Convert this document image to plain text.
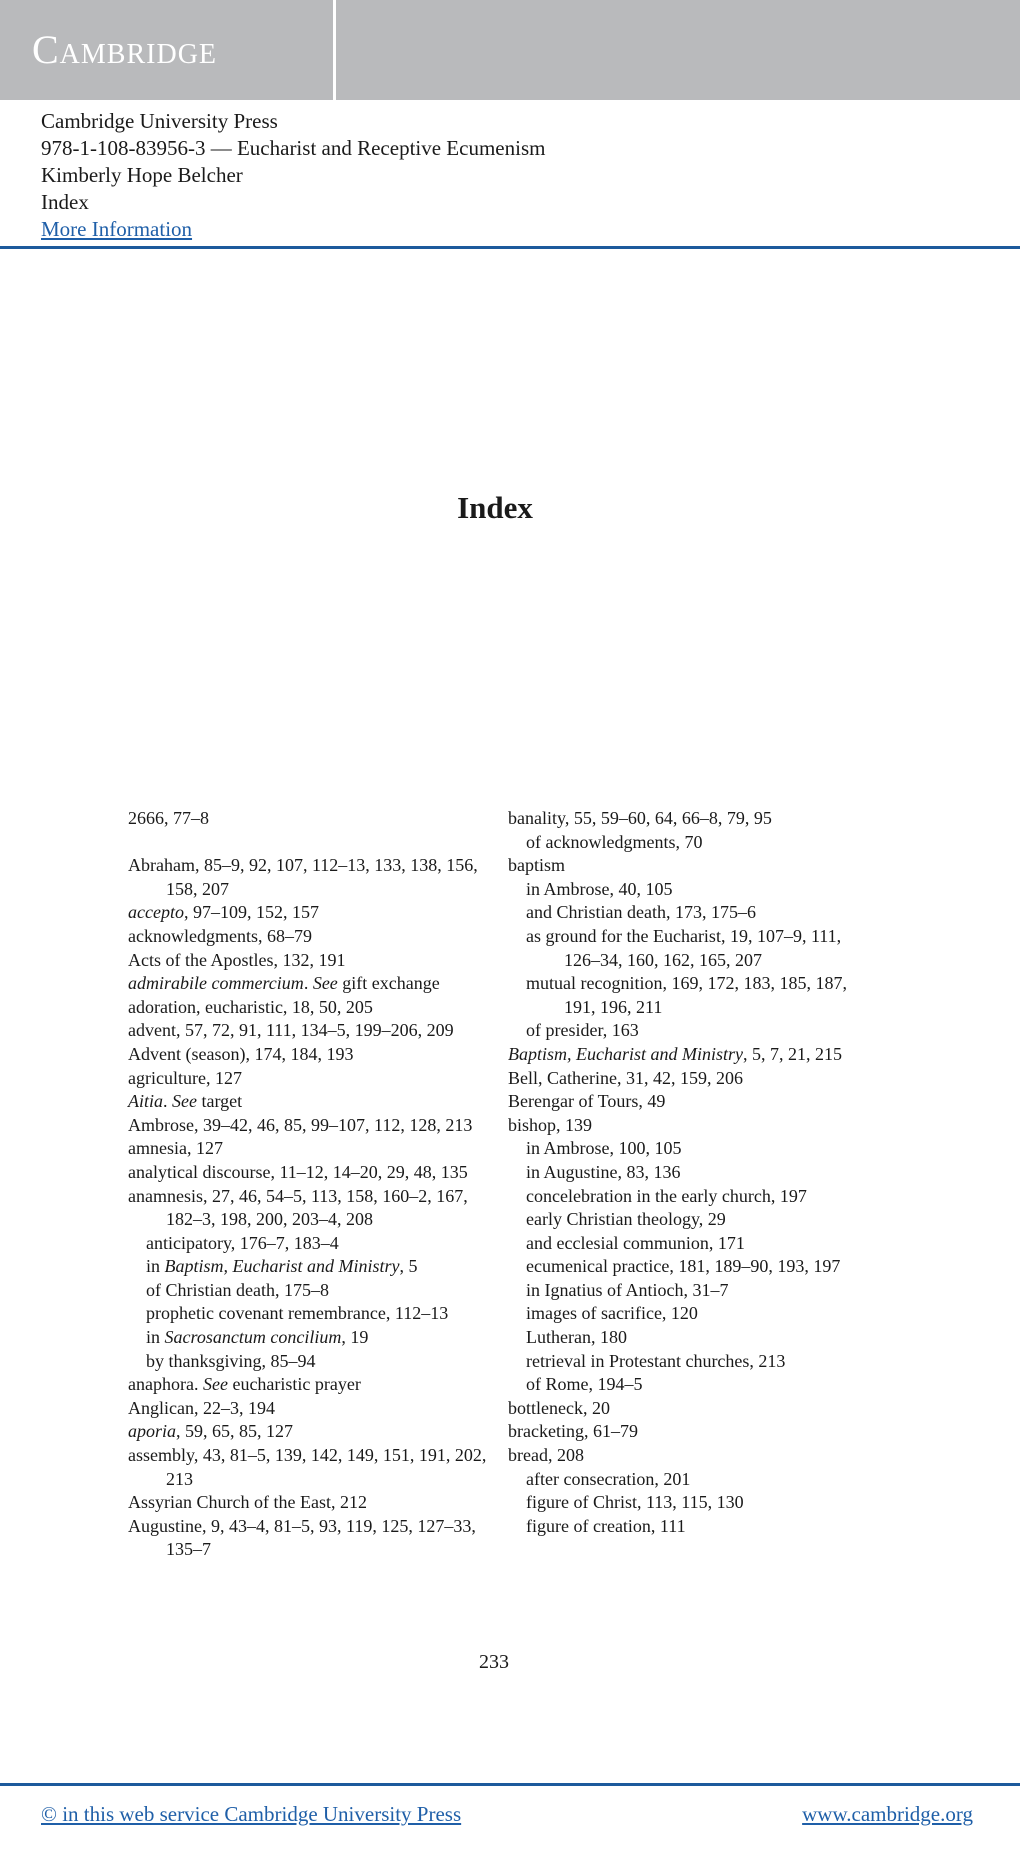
Cambridge
Cambridge University Press
978-1-108-83956-3 — Eucharist and Receptive Ecumenism
Kimberly Hope Belcher
Index
More Information
Index
2666, 77–8
Abraham, 85–9, 92, 107, 112–13, 133, 138, 156, 158, 207
accepto, 97–109, 152, 157
acknowledgments, 68–79
Acts of the Apostles, 132, 191
admirabile commercium. See gift exchange
adoration, eucharistic, 18, 50, 205
advent, 57, 72, 91, 111, 134–5, 199–206, 209
Advent (season), 174, 184, 193
agriculture, 127
Aitia. See target
Ambrose, 39–42, 46, 85, 99–107, 112, 128, 213
amnesia, 127
analytical discourse, 11–12, 14–20, 29, 48, 135
anamnesis, 27, 46, 54–5, 113, 158, 160–2, 167, 182–3, 198, 200, 203–4, 208
anticipatory, 176–7, 183–4
in Baptism, Eucharist and Ministry, 5
of Christian death, 175–8
prophetic covenant remembrance, 112–13
in Sacrosanctum concilium, 19
by thanksgiving, 85–94
anaphora. See eucharistic prayer
Anglican, 22–3, 194
aporia, 59, 65, 85, 127
assembly, 43, 81–5, 139, 142, 149, 151, 191, 202, 213
Assyrian Church of the East, 212
Augustine, 9, 43–4, 81–5, 93, 119, 125, 127–33, 135–7
banality, 55, 59–60, 64, 66–8, 79, 95
of acknowledgments, 70
baptism
in Ambrose, 40, 105
and Christian death, 173, 175–6
as ground for the Eucharist, 19, 107–9, 111, 126–34, 160, 162, 165, 207
mutual recognition, 169, 172, 183, 185, 187, 191, 196, 211
of presider, 163
Baptism, Eucharist and Ministry, 5, 7, 21, 215
Bell, Catherine, 31, 42, 159, 206
Berengar of Tours, 49
bishop, 139
in Ambrose, 100, 105
in Augustine, 83, 136
concelebration in the early church, 197
early Christian theology, 29
and ecclesial communion, 171
ecumenical practice, 181, 189–90, 193, 197
in Ignatius of Antioch, 31–7
images of sacrifice, 120
Lutheran, 180
retrieval in Protestant churches, 213
of Rome, 194–5
bottleneck, 20
bracketing, 61–79
bread, 208
after consecration, 201
figure of Christ, 113, 115, 130
figure of creation, 111
233
© in this web service Cambridge University Press	www.cambridge.org
